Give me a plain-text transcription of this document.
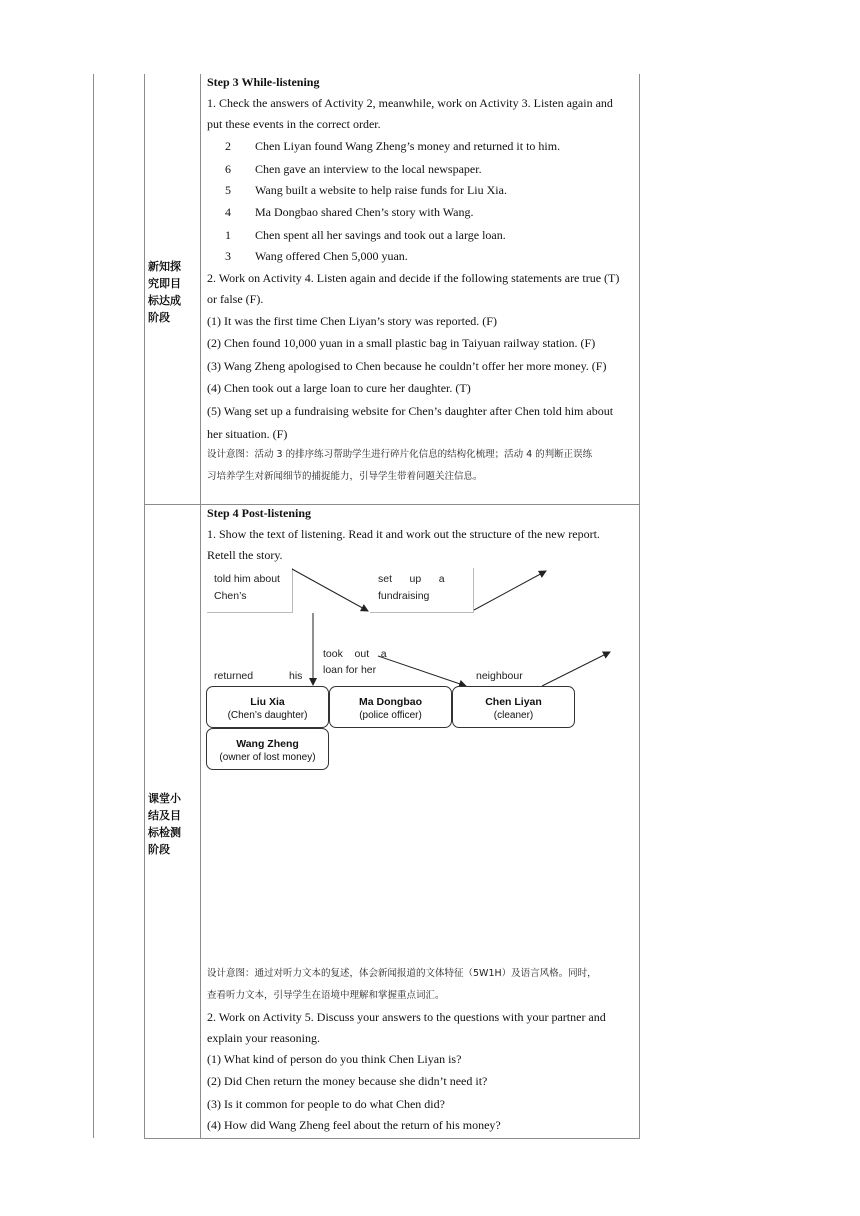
新知探
究即目
标达成
阶段
课堂小
结及目
标检测
阶段
Step 3 While-listening
1. Check the answers of Activity 2, meanwhile, work on Activity 3. Listen again and
put these events in the correct order.
2 Chen Liyan found Wang Zheng’s money and returned it to him.
6 Chen gave an interview to the local newspaper.
5 Wang built a website to help raise funds for Liu Xia.
4 Ma Dongbao shared Chen’s story with Wang.
1 Chen spent all her savings and took out a large loan.
3 Wang offered Chen 5,000 yuan.
2. Work on Activity 4. Listen again and decide if the following statements are true (T)
or false (F).
(1) It was the first time Chen Liyan’s story was reported. (F)
(2) Chen found 10,000 yuan in a small plastic bag in Taiyuan railway station. (F)
(3) Wang Zheng apologised to Chen because he couldn’t offer her more money. (F)
(4) Chen took out a large loan to cure her daughter. (T)
(5) Wang set up a fundraising website for Chen’s daughter after Chen told him about
her situation. (F)
设计意图：活动 3 的排序练习帮助学生进行碎片化信息的结构化梳理；活动 4 的判断正误练
习培养学生对新闻细节的捕捉能力，引导学生带着问题关注信息。
Step 4 Post-listening
1. Show the text of listening. Read it and work out the structure of the new report.
Retell the story.
told him about
Chen’s
set      up      a
fundraising
took    out    a
loan for her
returned	his	neighbour
Liu Xia
(Chen’s daughter)
Ma Dongbao
(police officer)
Chen Liyan
(cleaner)
Wang Zheng
(owner of lost money)
设计意图：通过对听力文本的复述，体会新闻报道的文体特征（5W1H）及语言风格。同时，
查看听力文本，引导学生在语境中理解和掌握重点词汇。
2. Work on Activity 5. Discuss your answers to the questions with your partner and
explain your reasoning.
(1) What kind of person do you think Chen Liyan is?
(2) Did Chen return the money because she didn’t need it?
(3) Is it common for people to do what Chen did?
(4) How did Wang Zheng feel about the return of his money?
